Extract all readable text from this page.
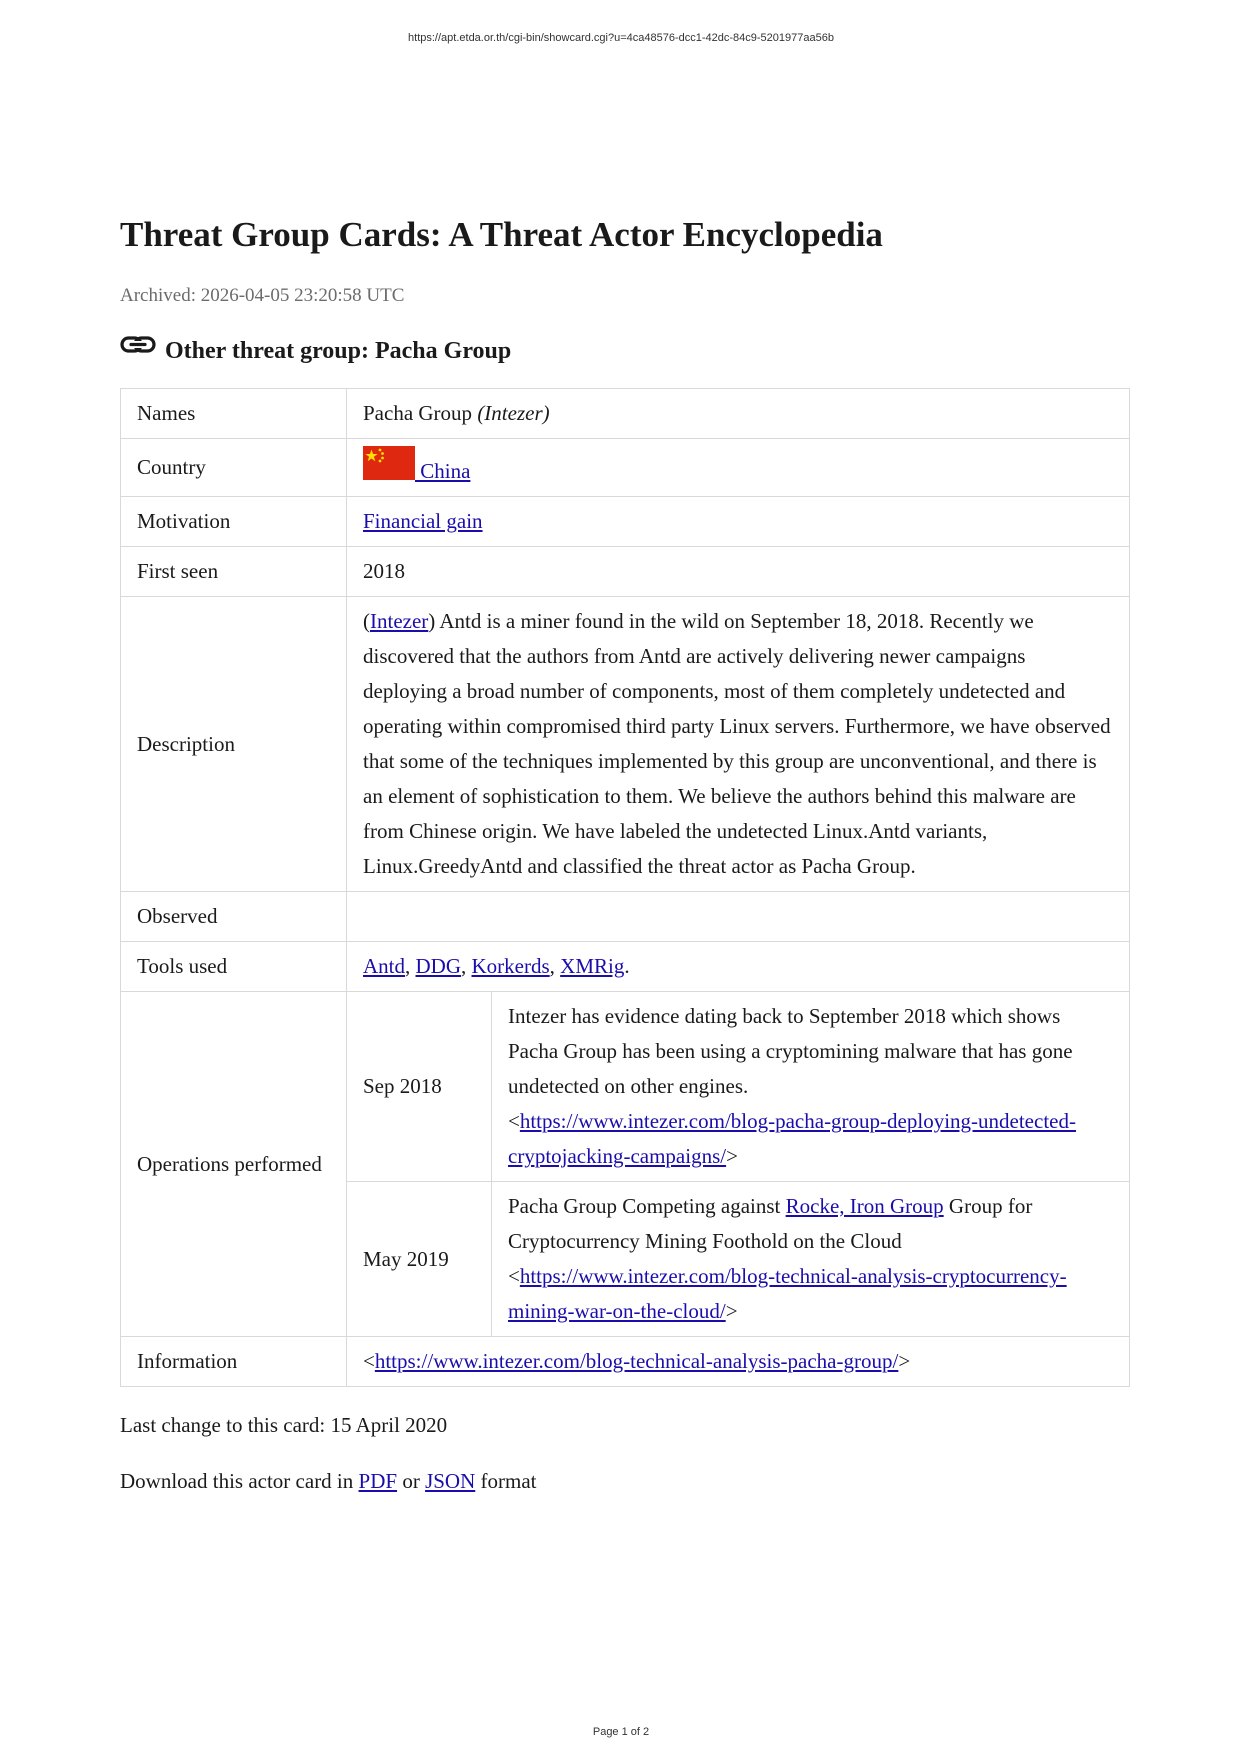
https://apt.etda.or.th/cgi-bin/showcard.cgi?u=4ca48576-dcc1-42dc-84c9-5201977aa56b
Threat Group Cards: A Threat Actor Encyclopedia
Archived: 2026-04-05 23:20:58 UTC
Other threat group: Pacha Group
Names	Pacha Group (Intezer)
Country	China
Motivation	Financial gain
First seen	2018
Description	(Intezer) Antd is a miner found in the wild on September 18, 2018. Recently we discovered that the authors from Antd are actively delivering newer campaigns deploying a broad number of components, most of them completely undetected and operating within compromised third party Linux servers. Furthermore, we have observed that some of the techniques implemented by this group are unconventional, and there is an element of sophistication to them. We believe the authors behind this malware are from Chinese origin. We have labeled the undetected Linux.Antd variants, Linux.GreedyAntd and classified the threat actor as Pacha Group.
Observed	
Tools used	Antd, DDG, Korkerds, XMRig.
Operations performed	
Sep 2018	Intezer has evidence dating back to September 2018 which shows Pacha Group has been using a cryptomining malware that has gone undetected on other engines.
<https://www.intezer.com/blog-pacha-group-deploying-undetected-cryptojacking-campaigns/>
May 2019	Pacha Group Competing against Rocke, Iron Group Group for Cryptocurrency Mining Foothold on the Cloud
<https://www.intezer.com/blog-technical-analysis-cryptocurrency-mining-war-on-the-cloud/>

Information	<https://www.intezer.com/blog-technical-analysis-pacha-group/>
Last change to this card: 15 April 2020
Download this actor card in PDF or JSON format
Page 1 of 2
